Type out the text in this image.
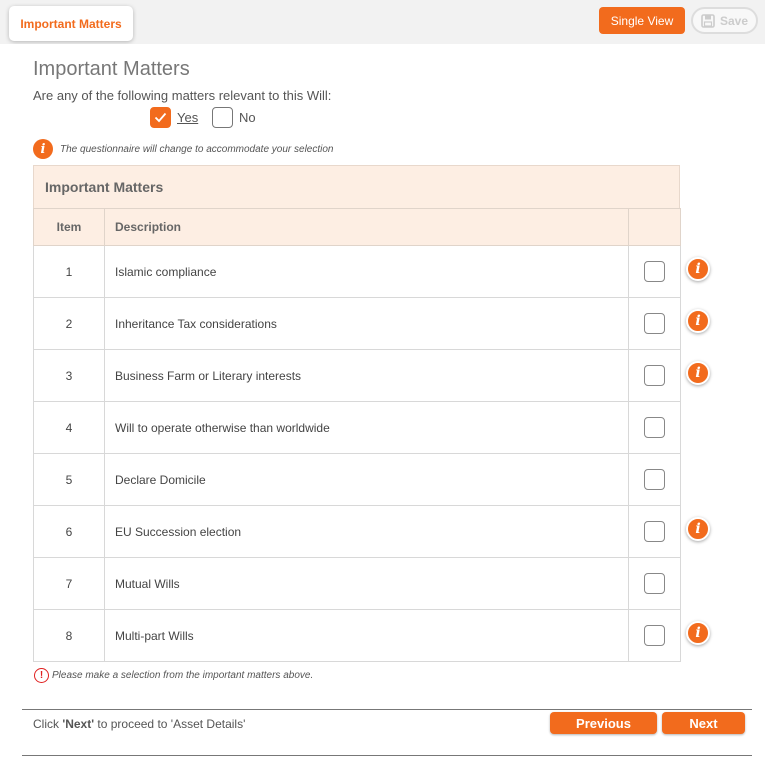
Important Matters	Single View	Save
Important Matters
Are any of the following matters relevant to this Will:
Yes	No
i	The questionnaire will change to accommodate your selection
Important Matters
Item	Description	
1	Islamic compliance	

2	Inheritance Tax considerations	

3	Business Farm or Literary interests	

4	Will to operate otherwise than worldwide	

5	Declare Domicile	

6	EU Succession election	

7	Mutual Wills	

8	Multi-part Wills	
i
i
i
i
i
! Please make a selection from the important matters above.
Click 'Next' to proceed to 'Asset Details'	Previous	Next
